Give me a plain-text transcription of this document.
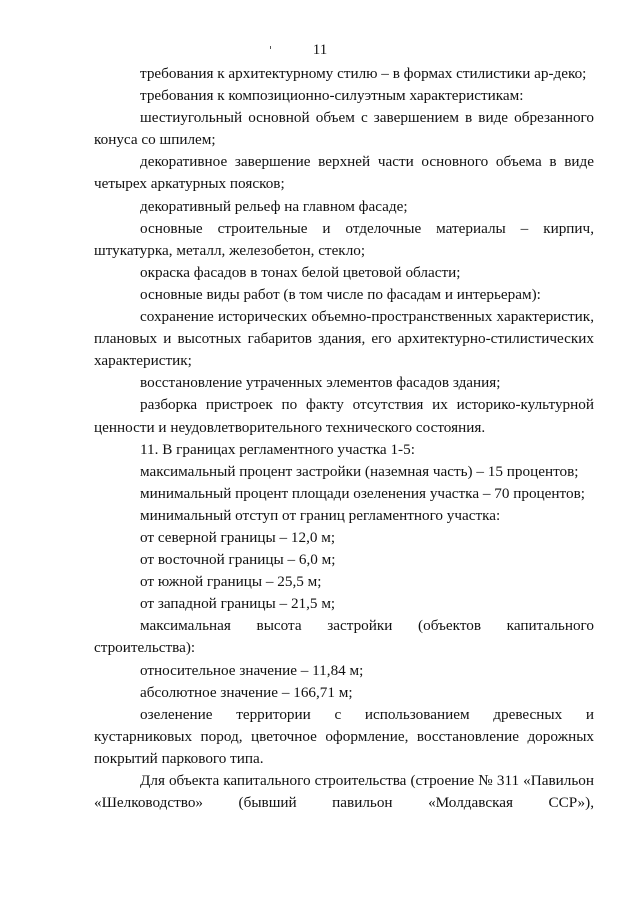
11

требования к архитектурному стилю – в формах стилистики ар-деко;

требования к композиционно-силуэтным характеристикам:

шестиугольный основной объем с завершением в виде обрезанного конуса со шпилем;

декоративное завершение верхней части основного объема в виде четырех аркатурных поясков;

декоративный рельеф на главном фасаде;

основные строительные и отделочные материалы – кирпич, штукатурка, металл, железобетон, стекло;

окраска фасадов в тонах белой цветовой области;

основные виды работ (в том числе по фасадам и интерьерам):

сохранение исторических объемно-пространственных характеристик, плановых и высотных габаритов здания, его архитектурно-стилистических характеристик;

восстановление утраченных элементов фасадов здания;

разборка пристроек по факту отсутствия их историко-культурной ценности и неудовлетворительного технического состояния.

11. В границах регламентного участка 1-5:

максимальный процент застройки (наземная часть) – 15 процентов;

минимальный процент площади озеленения участка – 70 процентов;

минимальный отступ от границ регламентного участка:

от северной границы – 12,0 м;

от восточной границы – 6,0 м;

от южной границы – 25,5 м;

от западной границы – 21,5 м;

максимальная высота застройки (объектов капитального строительства):

относительное значение – 11,84 м;

абсолютное значение – 166,71 м;

озеленение территории с использованием древесных и кустарниковых пород, цветочное оформление, восстановление дорожных покрытий паркового типа.

Для объекта капитального строительства (строение № 311 «Павильон «Шелководство» (бывший павильон «Молдавская ССР»),
